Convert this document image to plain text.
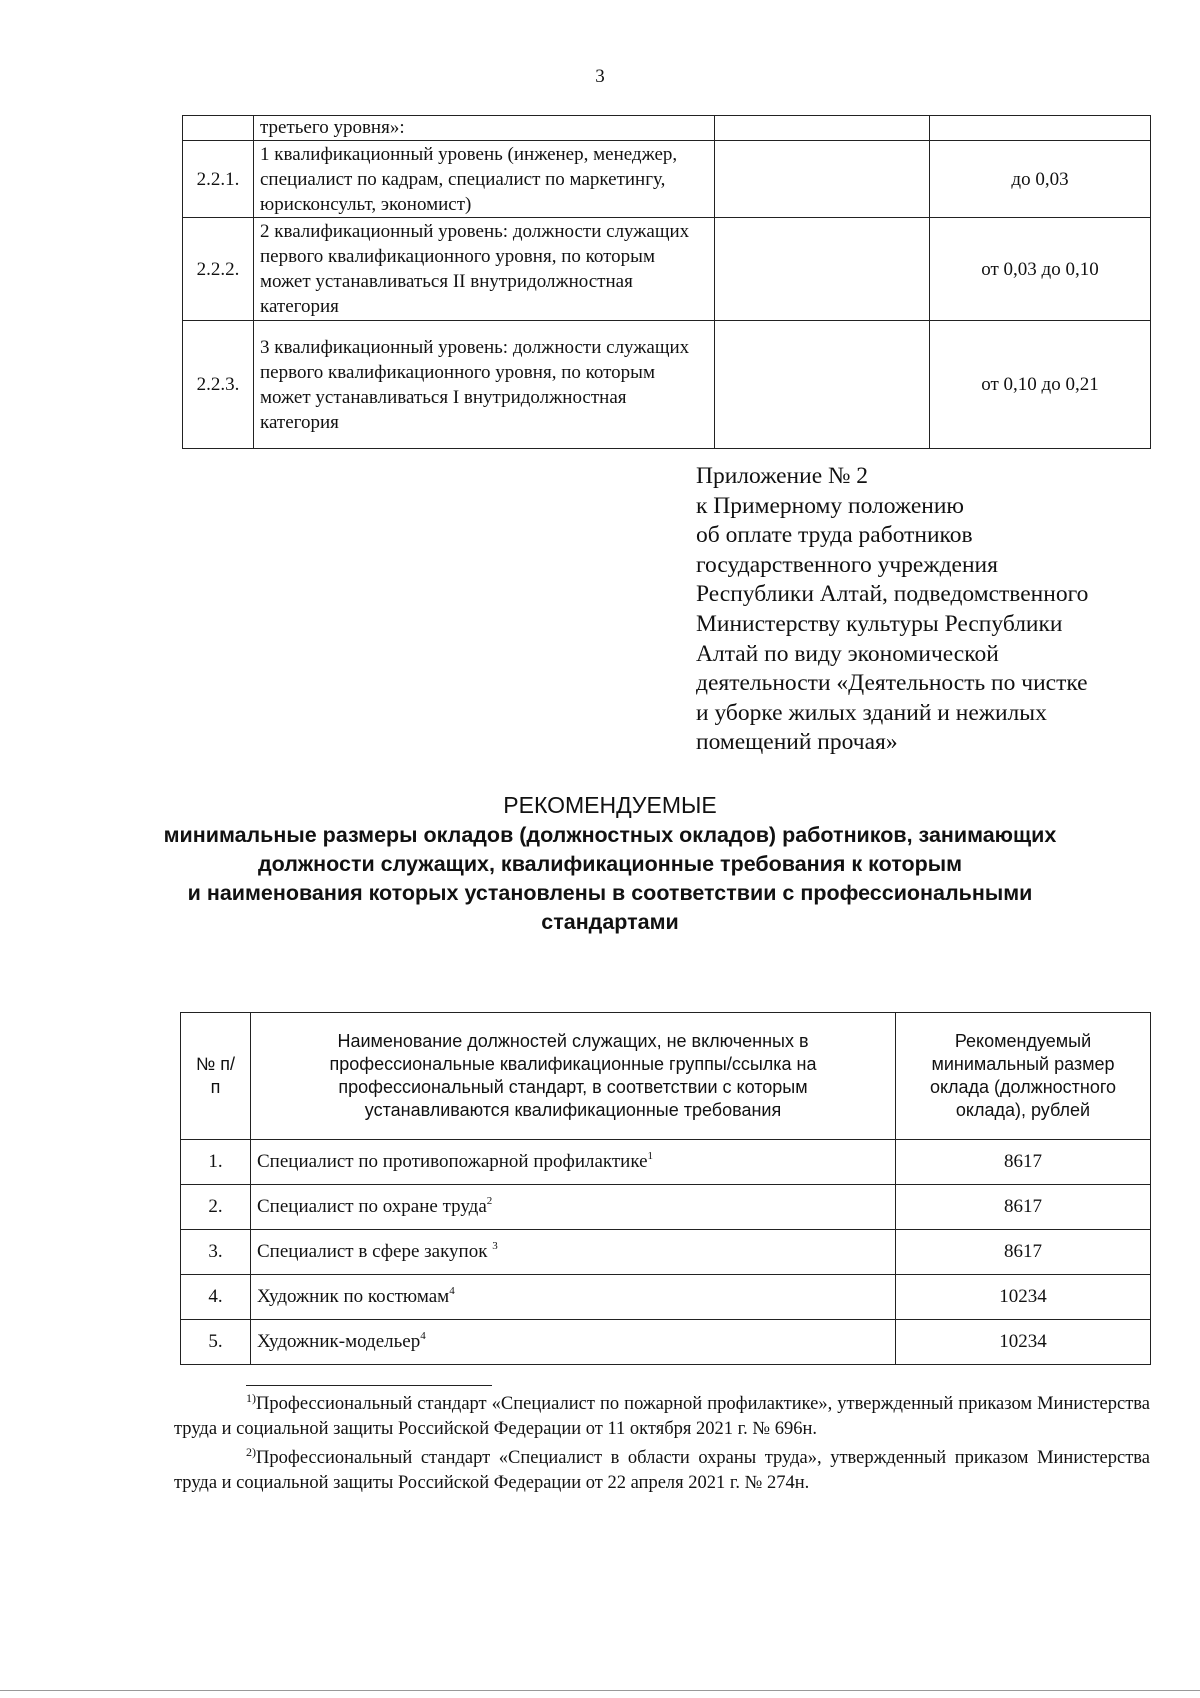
3
	третьего уровня»:		
2.2.1.	1 квалификационный уровень (инженер, менеджер, специалист по кадрам, специалист по маркетингу, юрисконсульт, экономист)		до 0,03
2.2.2.	2 квалификационный уровень: должности служащих первого квалификационного уровня, по которым может устанавливаться II внутридолжностная категория		от 0,03 до 0,10
2.2.3.	3 квалификационный уровень: должности служащих первого квалификационного уровня, по которым может устанавливаться I внутридолжностная категория		от 0,10 до 0,21
Приложение № 2
к Примерному положению
об оплате труда работников
государственного учреждения
Республики Алтай, подведомственного
Министерству культуры Республики
Алтай по виду экономической
деятельности «Деятельность по чистке
и уборке жилых зданий и нежилых
помещений прочая»
РЕКОМЕНДУЕМЫЕ
минимальные размеры окладов (должностных окладов) работников, занимающих
должности служащих, квалификационные требования к которым
и наименования которых установлены в соответствии с профессиональными
стандартами
№ п/п	Наименование должностей служащих, не включенных в профессиональные квалификационные группы/ссылка на профессиональный стандарт, в соответствии с которым устанавливаются квалификационные требования	Рекомендуемый минимальный размер оклада (должностного оклада), рублей

1.	Специалист по противопожарной профилактике$^1$	8617
2.	Специалист по охране труда$^2$	8617
3.	Специалист в сфере закупок $^3$	8617
4.	Художник по костюмам$^4$	10234
5.	Художник-модельер$^4$	10234
$^{1)}$Профессиональный стандарт «Специалист по пожарной профилактике», утвержденный приказом Министерства труда и социальной защиты Российской Федерации от 11 октября 2021 г. № 696н.
$^{2)}$Профессиональный стандарт «Специалист в области охраны труда», утвержденный приказом Министерства труда и социальной защиты Российской Федерации от 22 апреля 2021 г. № 274н.
